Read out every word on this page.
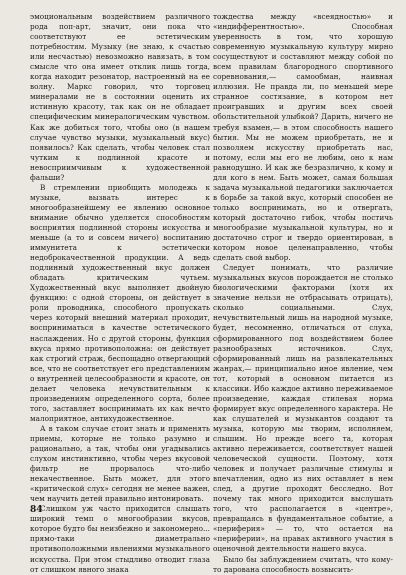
эмоциональным воздействием различного рода поп-арт, значит, они пока что соответствуют ее эстетическим потребностям. Музыку (не знаю, к счастью или несчастью) невозможно навязать, в том смысле что она имеет отклик лишь тогда, когда находит резонатор, настроенный на ее волну. Маркс говорил, что торговец минералами не в состоянии оценить их истинную красоту, так как он не обладает специфическим минералогическим чувством. Как же добиться того, чтобы оно (в нашем случае чувство музыки, музыкальный вкус) появилось? Как сделать, чтобы человек стал чутким к подлинной красоте и невосприимчивым к художественной фальши?

В стремлении приобщить молодежь к музыке, вызвать интерес к многообразнейшему ее явлению основное внимание обычно уделяется способностям восприятия подлинной стороны искусства и меньше (а то и совсем ничего) воспитанию иммунитета к эстетически недоброкачественной продукции. А ведь подлинный художественный вкус должен обладать критическим чутьем. Художественный вкус выполняет двойную функцию: с одной стороны, он действует в роли проводника, способного пропускать через который внешний материал проходит, восприниматься в качестве эстетического наслаждения. Но с другой стороны, функция вкуса прямо противоположна: он действует как строгий страж, беспощадно отвергающий все, что не соответствует его представлениям о внутренней целесообразности и красоте, он делает человека нечувствительным к произведениям определенного сорта, более того, заставляет воспринимать их как нечто малоприятное, антихудожественное.

А в таком случае стоит знать и применять приемы, которые не только разумно и рационально, а так, чтобы они угадывались слухом инстинктивно, чтобы через вкусовой фильтр не прорвалось что-либо некачественное. Быть может, для этого «критической слух» сегодня не менее важен, чем научить детей правильно интонировать.

Слишком уж часто приходится слышать широкий темп о многообразии вкусов, которое будто бы неизбежно и закономерно... прямо-таки диаметрально противоположными явлениями музыкального искусства. При этом стыдливо отводит глаза от слишком явного знака

тождества между «всеядностью» и «индифферентностью». Способная уверенность в том, что хорошую современную музыкальную культуру мирно сосуществуют и составляют между собой по всем правилам благородного спортивного соревнования,— самообман, наивная иллюзия. Не правда ли, по меньшей мере странное состязание, в котором нет проигравших и другим всех своей обольстительной улыбкой? Дарить, ничего не требуя взамен,— в этом способность нашего бытия. Мы не можем приобретать, не и позволяем искусству приобретать нас, потому, если мы его не любим, оно к нам равнодушно. И как же безразлично, к кому и для кого в нем. Быть может, самая большая задача музыкальной педагогики заключается в борьбе за такой вкус, который способен не только воспринимать, но и отвергать, который достаточно гибок, чтобы постичь многообразие музыкальной культуры, но и достаточно строг и твердо ориентирован, в котором новое целенаправленно, чтобы сделать свой выбор.

Следует понимать, что различие музыкальных вкусов порождается не столько биологическими факторами (хотя их значение нельзя не отбрасывать отрицать), сколько социальными. Слух, нечувствительный лишь на народной музыке, будет, несомненно, отличаться от слуха, сформированного под воздействием более разнообразных источников. Слух, сформированный лишь на развлекательных жанрах,— принципиально иное явление, чем тот, который в основном питается из классики. Ибо каждое активно переживаемое произведение, каждая стилевая норма формирует вкус определенного характера. Не как слушателей и музыкантов создают та музыка, которую мы творим, исполняем, слышим. Но прежде всего та, которая активно переживается, соответствует нашей человеческой сущности. Поэтому, хотя человек и получает различные стимулы и впечатления, одно из них оставляет в нем след, а другие проходят бесследно. Вот почему так много приходится выслушать того, что располагается в «центре», превращаясь в фундаментальное событие, а «периферия» — то, что остается на «периферии», на правах активного участия в оценочной деятельности нашего вкуса.

Было бы заблуждением считать, что кому-то дарована способность возвысить-

84
